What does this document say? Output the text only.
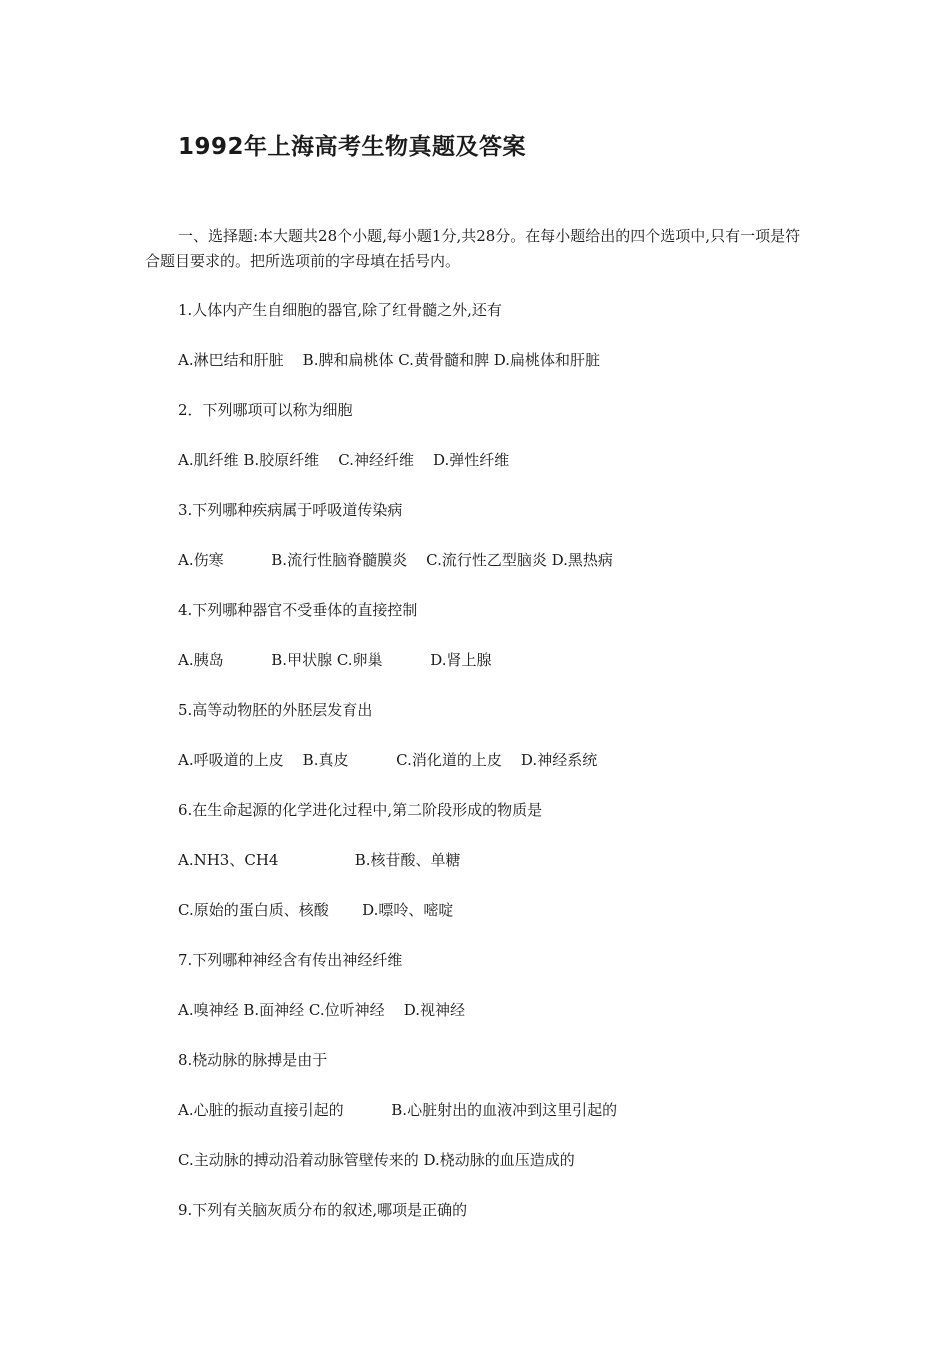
1992年上海高考生物真题及答案
一、选择题:本大题共28个小题,每小题1分,共28分。在每小题给出的四个选项中,只有一项是符合题目要求的。把所选项前的字母填在括号内。
1.人体内产生自细胞的器官,除了红骨髓之外,还有
A.淋巴结和肝脏    B.脾和扁桃体 C.黄骨髓和脾 D.扁桃体和肝脏
2．下列哪项可以称为细胞
A.肌纤维 B.胶原纤维    C.神经纤维    D.弹性纤维
3.下列哪种疾病属于呼吸道传染病
A.伤寒          B.流行性脑脊髓膜炎    C.流行性乙型脑炎 D.黑热病
4.下列哪种器官不受垂体的直接控制
A.胰岛          B.甲状腺 C.卵巢          D.肾上腺
5.高等动物胚的外胚层发育出
A.呼吸道的上皮    B.真皮          C.消化道的上皮    D.神经系统
6.在生命起源的化学进化过程中,第二阶段形成的物质是
A.NH3、CH4                B.核苷酸、单糖
C.原始的蛋白质、核酸       D.嘌呤、嘧啶
7.下列哪种神经含有传出神经纤维
A.嗅神经 B.面神经 C.位听神经    D.视神经
8.桡动脉的脉搏是由于
A.心脏的振动直接引起的          B.心脏射出的血液冲到这里引起的
C.主动脉的搏动沿着动脉管壁传来的 D.桡动脉的血压造成的
9.下列有关脑灰质分布的叙述,哪项是正确的
